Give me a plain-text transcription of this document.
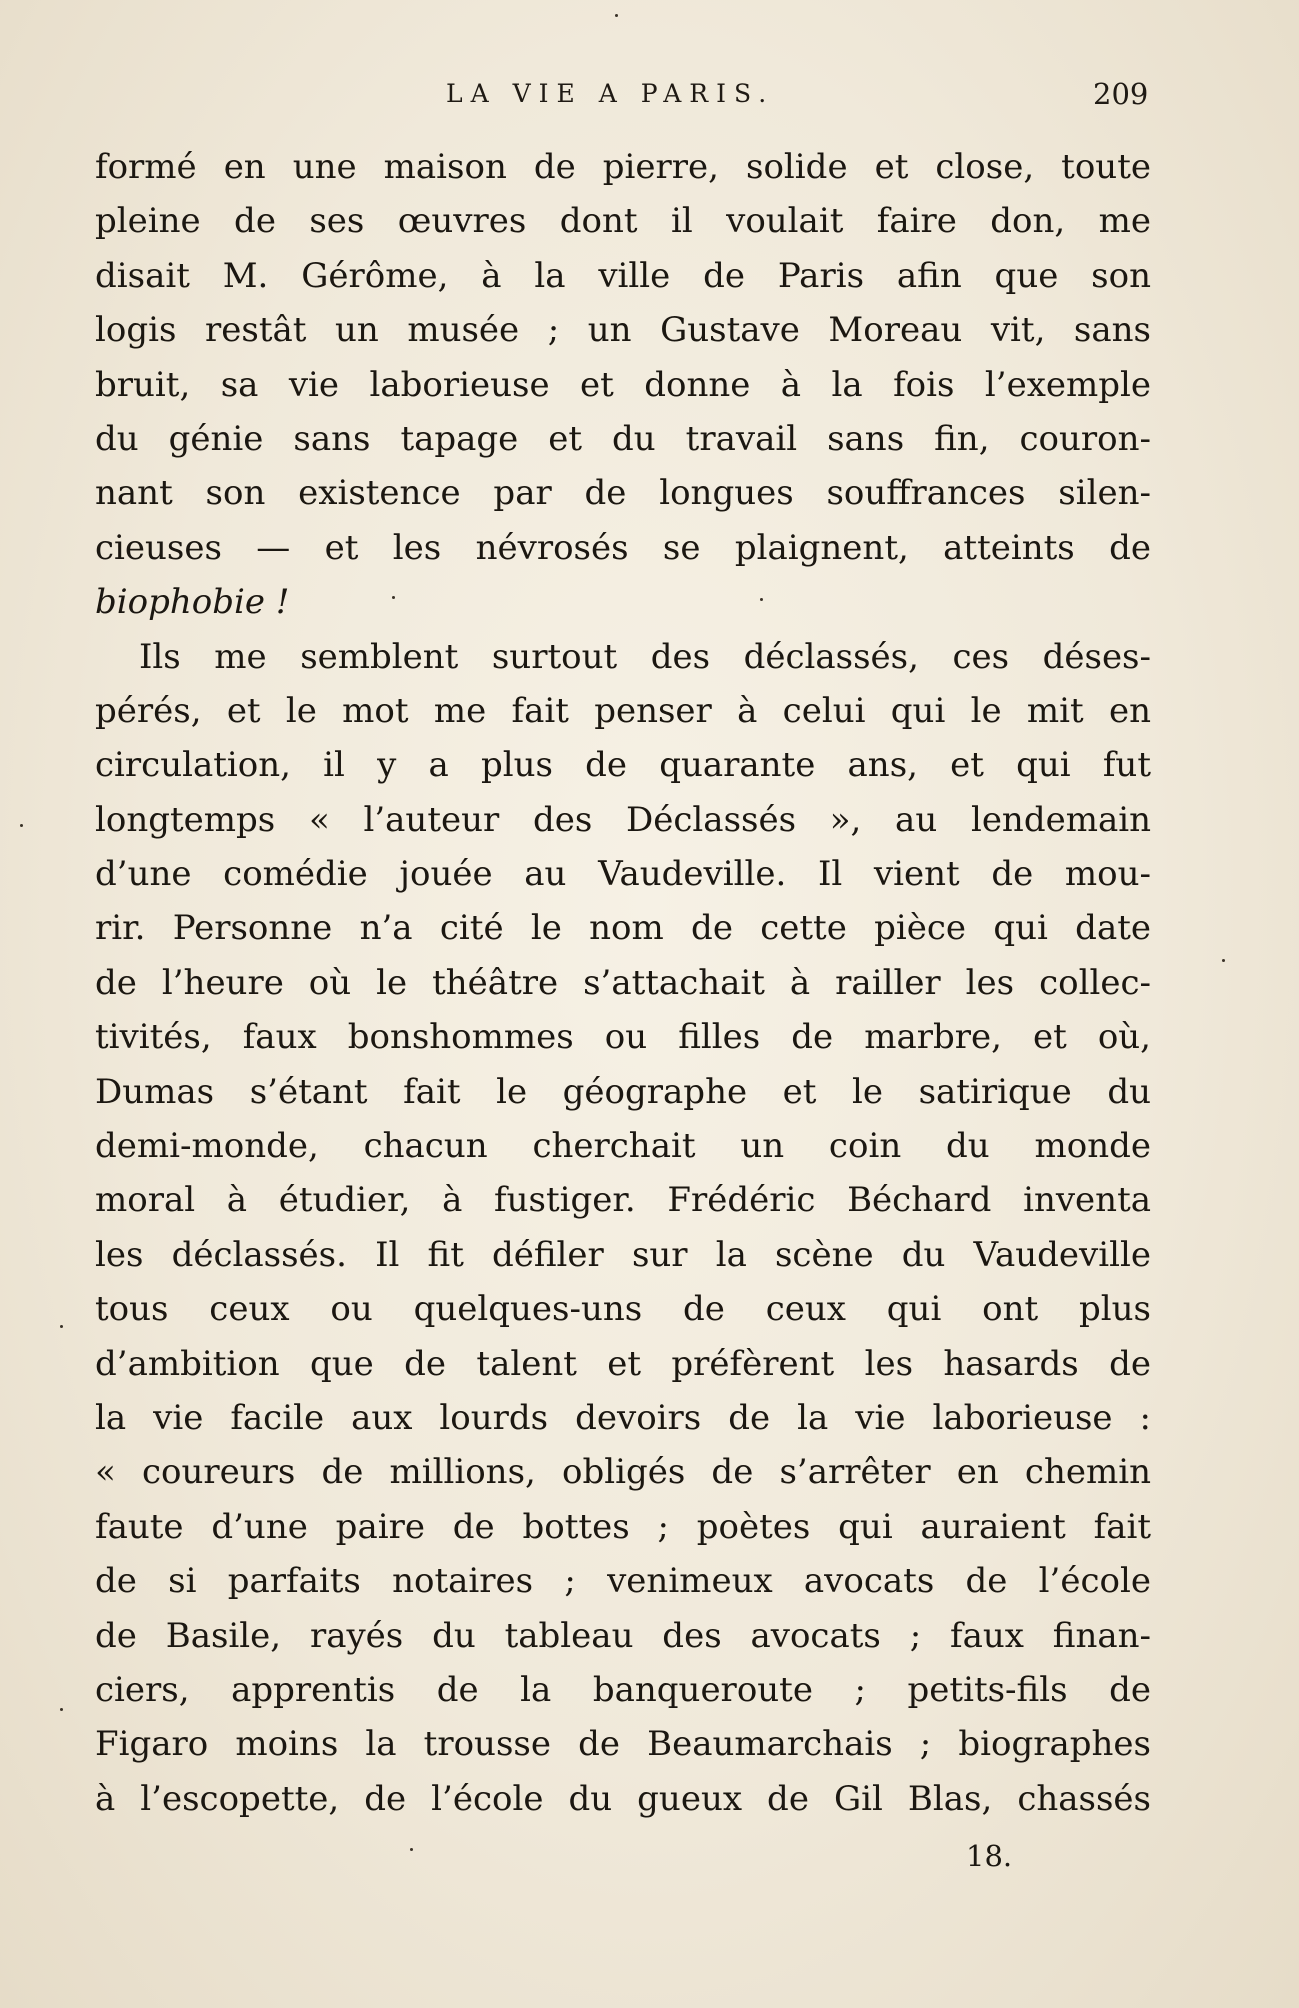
LA VIE A PARIS.	209
formé en une maison de pierre, solide et close, toute
pleine de ses œuvres dont il voulait faire don, me
disait M. Gérôme, à la ville de Paris afin que son
logis restât un musée ; un Gustave Moreau vit, sans
bruit, sa vie laborieuse et donne à la fois l’exemple
du génie sans tapage et du travail sans fin, couron-
nant son existence par de longues souffrances silen-
cieuses — et les névrosés se plaignent, atteints de
biophobie !
Ils me semblent surtout des déclassés, ces déses-
pérés, et le mot me fait penser à celui qui le mit en
circulation, il y a plus de quarante ans, et qui fut
longtemps « l’auteur des Déclassés », au lendemain
d’une comédie jouée au Vaudeville. Il vient de mou-
rir. Personne n’a cité le nom de cette pièce qui date
de l’heure où le théâtre s’attachait à railler les collec-
tivités, faux bonshommes ou filles de marbre, et où,
Dumas s’étant fait le géographe et le satirique du
demi-monde, chacun cherchait un coin du monde
moral à étudier, à fustiger. Frédéric Béchard inventa
les déclassés. Il fit défiler sur la scène du Vaudeville
tous ceux ou quelques-uns de ceux qui ont plus
d’ambition que de talent et préfèrent les hasards de
la vie facile aux lourds devoirs de la vie laborieuse :
« coureurs de millions, obligés de s’arrêter en chemin
faute d’une paire de bottes ; poètes qui auraient fait
de si parfaits notaires ; venimeux avocats de l’école
de Basile, rayés du tableau des avocats ; faux finan-
ciers, apprentis de la banqueroute ; petits-fils de
Figaro moins la trousse de Beaumarchais ; biographes
à l’escopette, de l’école du gueux de Gil Blas, chassés
18.
